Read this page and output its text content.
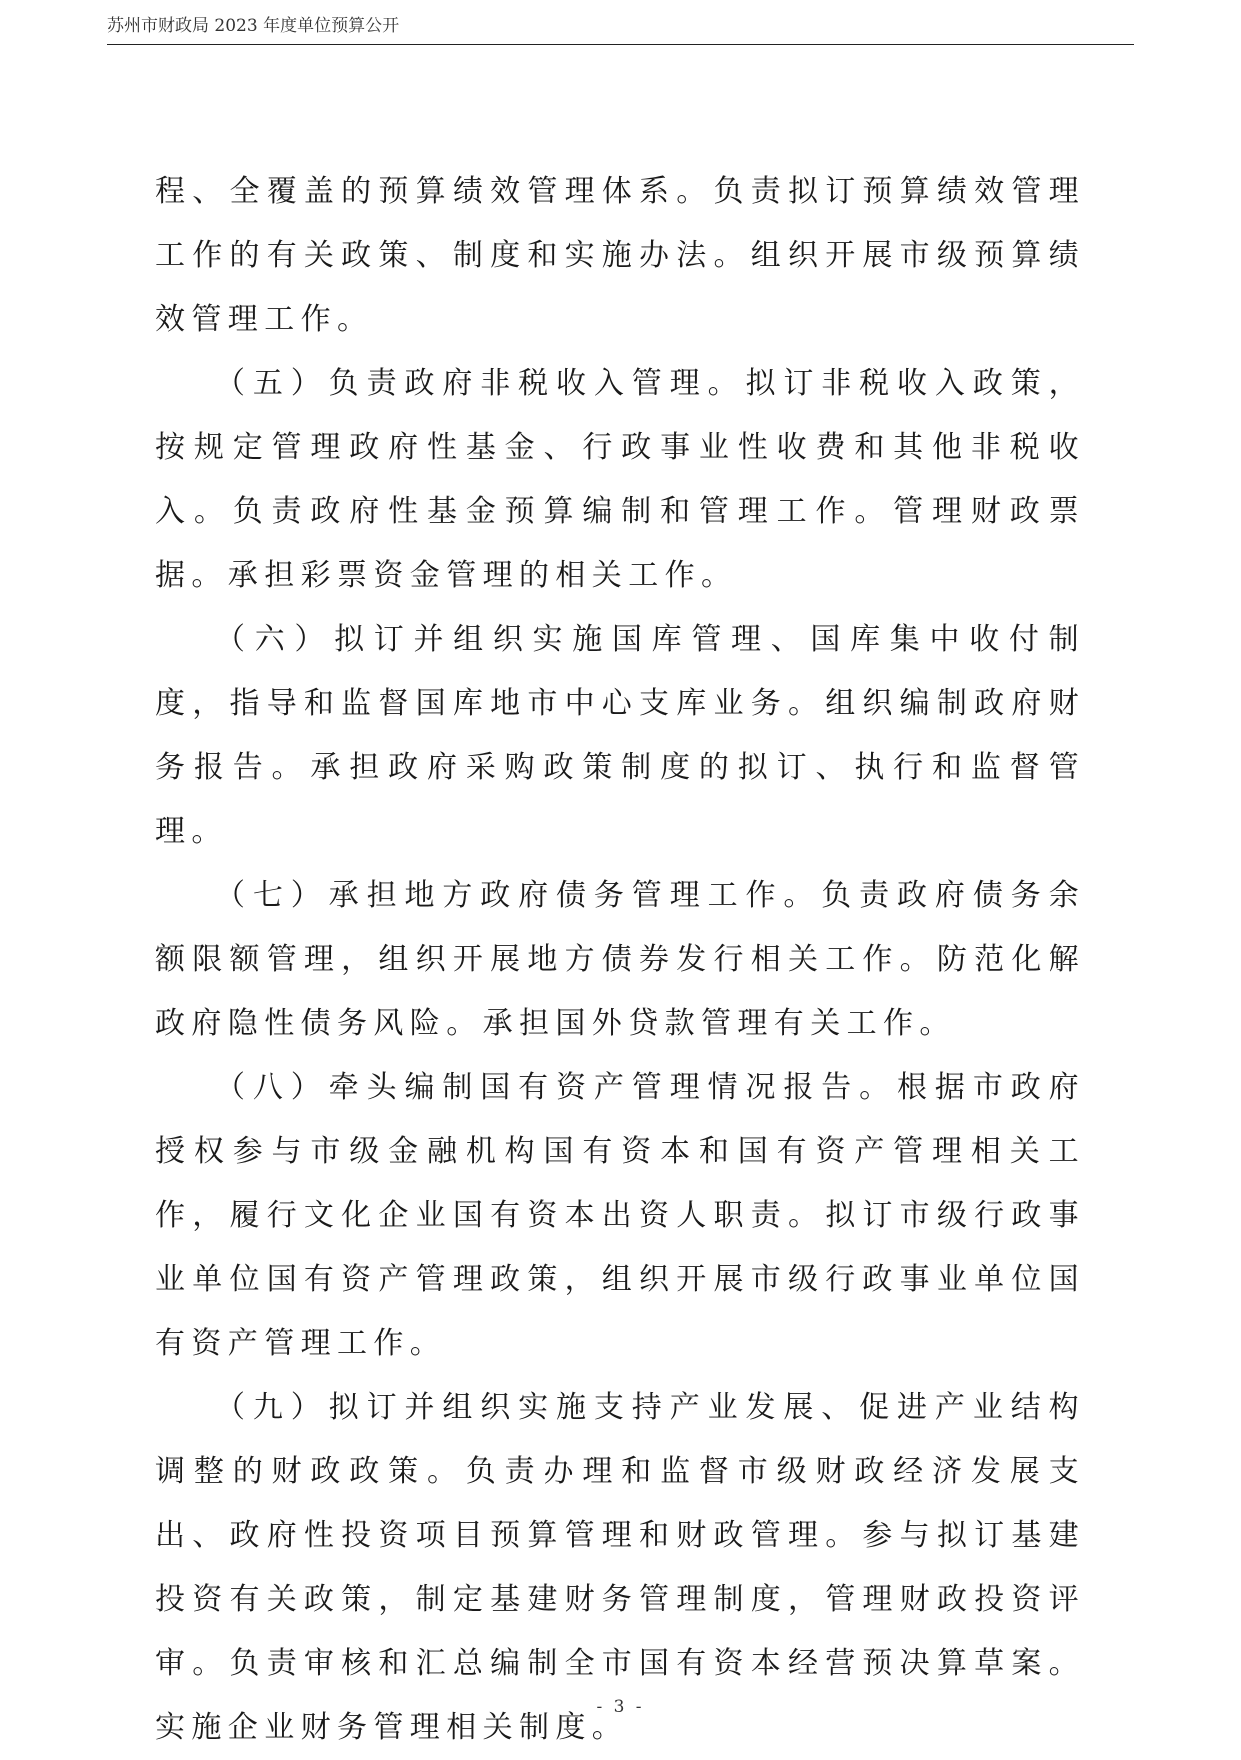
苏州市财政局 2023 年度单位预算公开

程、全覆盖的预算绩效管理体系。负责拟订预算绩效管理工作的有关政策、制度和实施办法。组织开展市级预算绩效管理工作。

（五）负责政府非税收入管理。拟订非税收入政策，按规定管理政府性基金、行政事业性收费和其他非税收入。负责政府性基金预算编制和管理工作。管理财政票据。承担彩票资金管理的相关工作。

（六）拟订并组织实施国库管理、国库集中收付制度，指导和监督国库地市中心支库业务。组织编制政府财务报告。承担政府采购政策制度的拟订、执行和监督管理。

（七）承担地方政府债务管理工作。负责政府债务余额限额管理，组织开展地方债券发行相关工作。防范化解政府隐性债务风险。承担国外贷款管理有关工作。

（八）牵头编制国有资产管理情况报告。根据市政府授权参与市级金融机构国有资本和国有资产管理相关工作，履行文化企业国有资本出资人职责。拟订市级行政事业单位国有资产管理政策，组织开展市级行政事业单位国有资产管理工作。

（九）拟订并组织实施支持产业发展、促进产业结构调整的财政政策。负责办理和监督市级财政经济发展支出、政府性投资项目预算管理和财政管理。参与拟订基建投资有关政策，制定基建财务管理制度，管理财政投资评审。负责审核和汇总编制全市国有资本经营预决算草案。实施企业财务管理相关制度。

- 3 -
